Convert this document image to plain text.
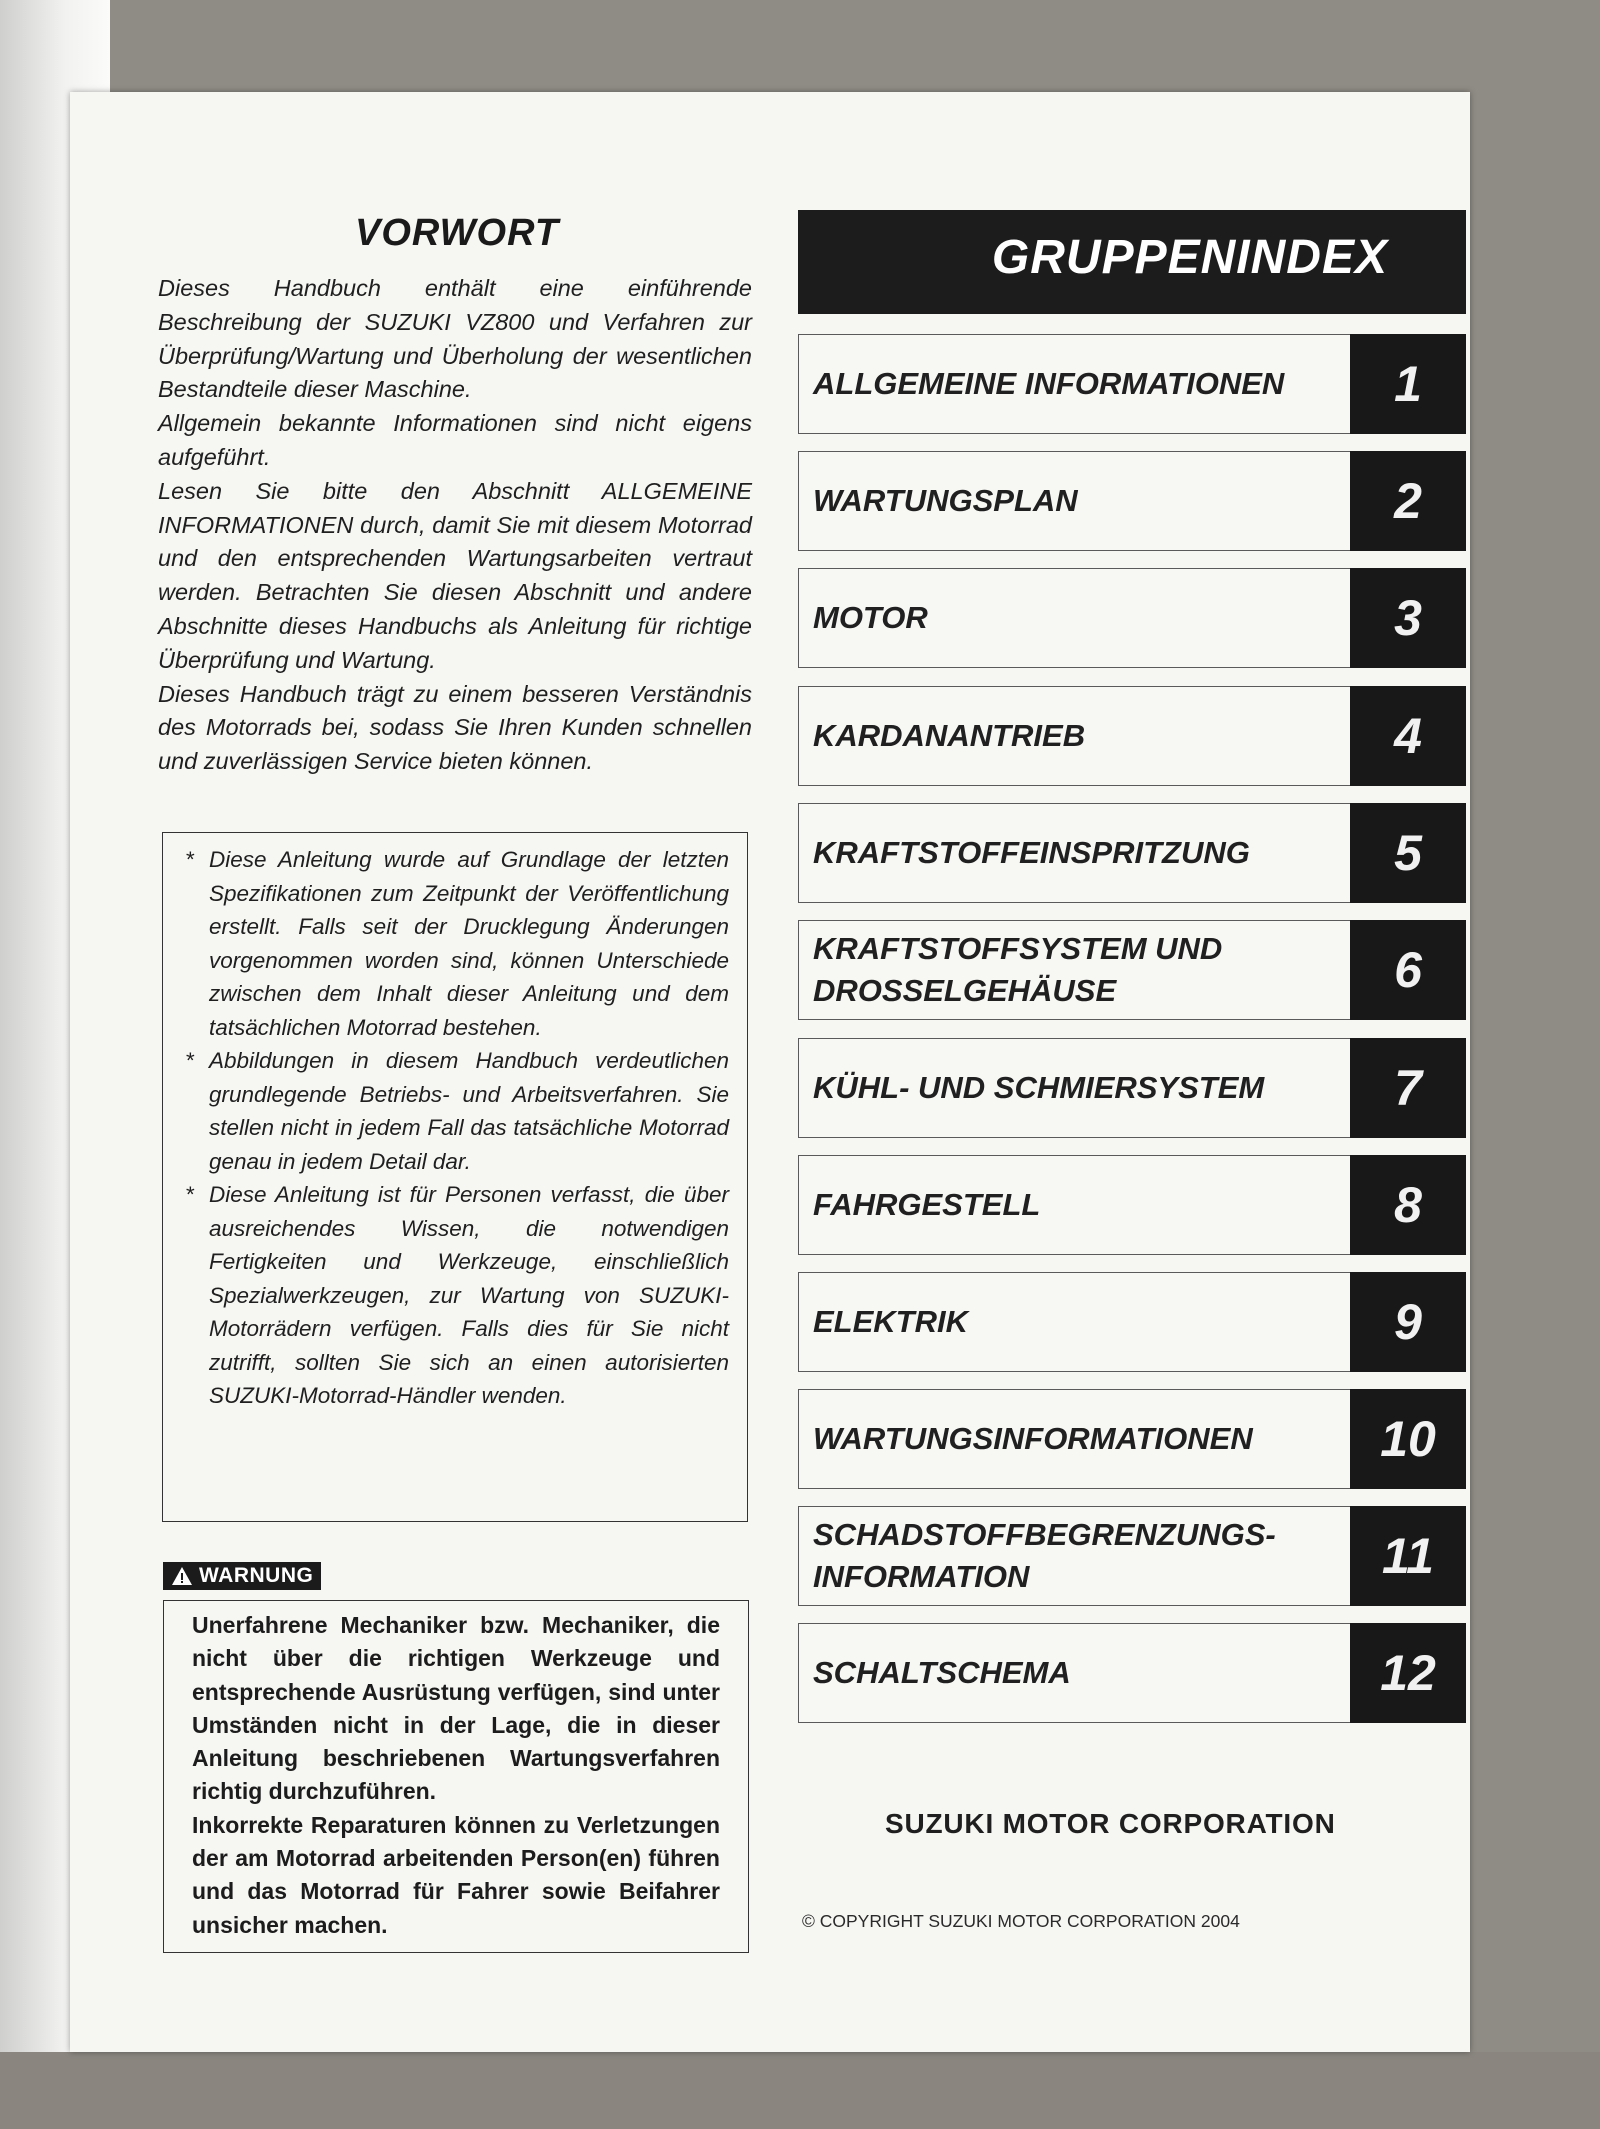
VORWORT

Dieses Handbuch enthält eine einführende Beschreibung der SUZUKI VZ800 und Verfahren zur Überprüfung/Wartung und Überholung der wesentlichen Bestandteile dieser Maschine.

Allgemein bekannte Informationen sind nicht eigens aufgeführt.

Lesen Sie bitte den Abschnitt ALLGEMEINE INFORMATIONEN durch, damit Sie mit diesem Motorrad und den entsprechenden Wartungsarbeiten vertraut werden. Betrachten Sie diesen Abschnitt und andere Abschnitte dieses Handbuchs als Anleitung für richtige Überprüfung und Wartung.

Dieses Handbuch trägt zu einem besseren Verständnis des Motorrads bei, sodass Sie Ihren Kunden schnellen und zuverlässigen Service bieten können.

* Diese Anleitung wurde auf Grundlage der letzten Spezifikationen zum Zeitpunkt der Veröffentlichung erstellt. Falls seit der Drucklegung Änderungen vorgenommen worden sind, können Unterschiede zwischen dem Inhalt dieser Anleitung und dem tatsächlichen Motorrad bestehen.
* Abbildungen in diesem Handbuch verdeutlichen grundlegende Betriebs- und Arbeitsverfahren. Sie stellen nicht in jedem Fall das tatsächliche Motorrad genau in jedem Detail dar.
* Diese Anleitung ist für Personen verfasst, die über ausreichendes Wissen, die notwendigen Fertigkeiten und Werkzeuge, einschließlich Spezialwerkzeugen, zur Wartung von SUZUKI-Motorrädern verfügen. Falls dies für Sie nicht zutrifft, sollten Sie sich an einen autorisierten SUZUKI-Motorrad-Händler wenden.
WARNUNG
Unerfahrene Mechaniker bzw. Mechaniker, die nicht über die richtigen Werkzeuge und entsprechende Ausrüstung verfügen, sind unter Umständen nicht in der Lage, die in dieser Anleitung beschriebenen Wartungsverfahren richtig durchzuführen.
Inkorrekte Reparaturen können zu Verletzungen der am Motorrad arbeitenden Person(en) führen und das Motorrad für Fahrer sowie Beifahrer unsicher machen.
GRUPPENINDEX
ALLGEMEINE INFORMATIONEN	1
WARTUNGSPLAN	2
MOTOR	3
KARDANANTRIEB	4
KRAFTSTOFFEINSPRITZUNG	5
KRAFTSTOFFSYSTEM UND DROSSELGEHÄUSE	6
KÜHL- UND SCHMIERSYSTEM	7
FAHRGESTELL	8
ELEKTRIK	9
WARTUNGSINFORMATIONEN	10
SCHADSTOFFBEGRENZUNGS-INFORMATION	11
SCHALTSCHEMA	12
SUZUKI MOTOR CORPORATION
© COPYRIGHT SUZUKI MOTOR CORPORATION 2004
